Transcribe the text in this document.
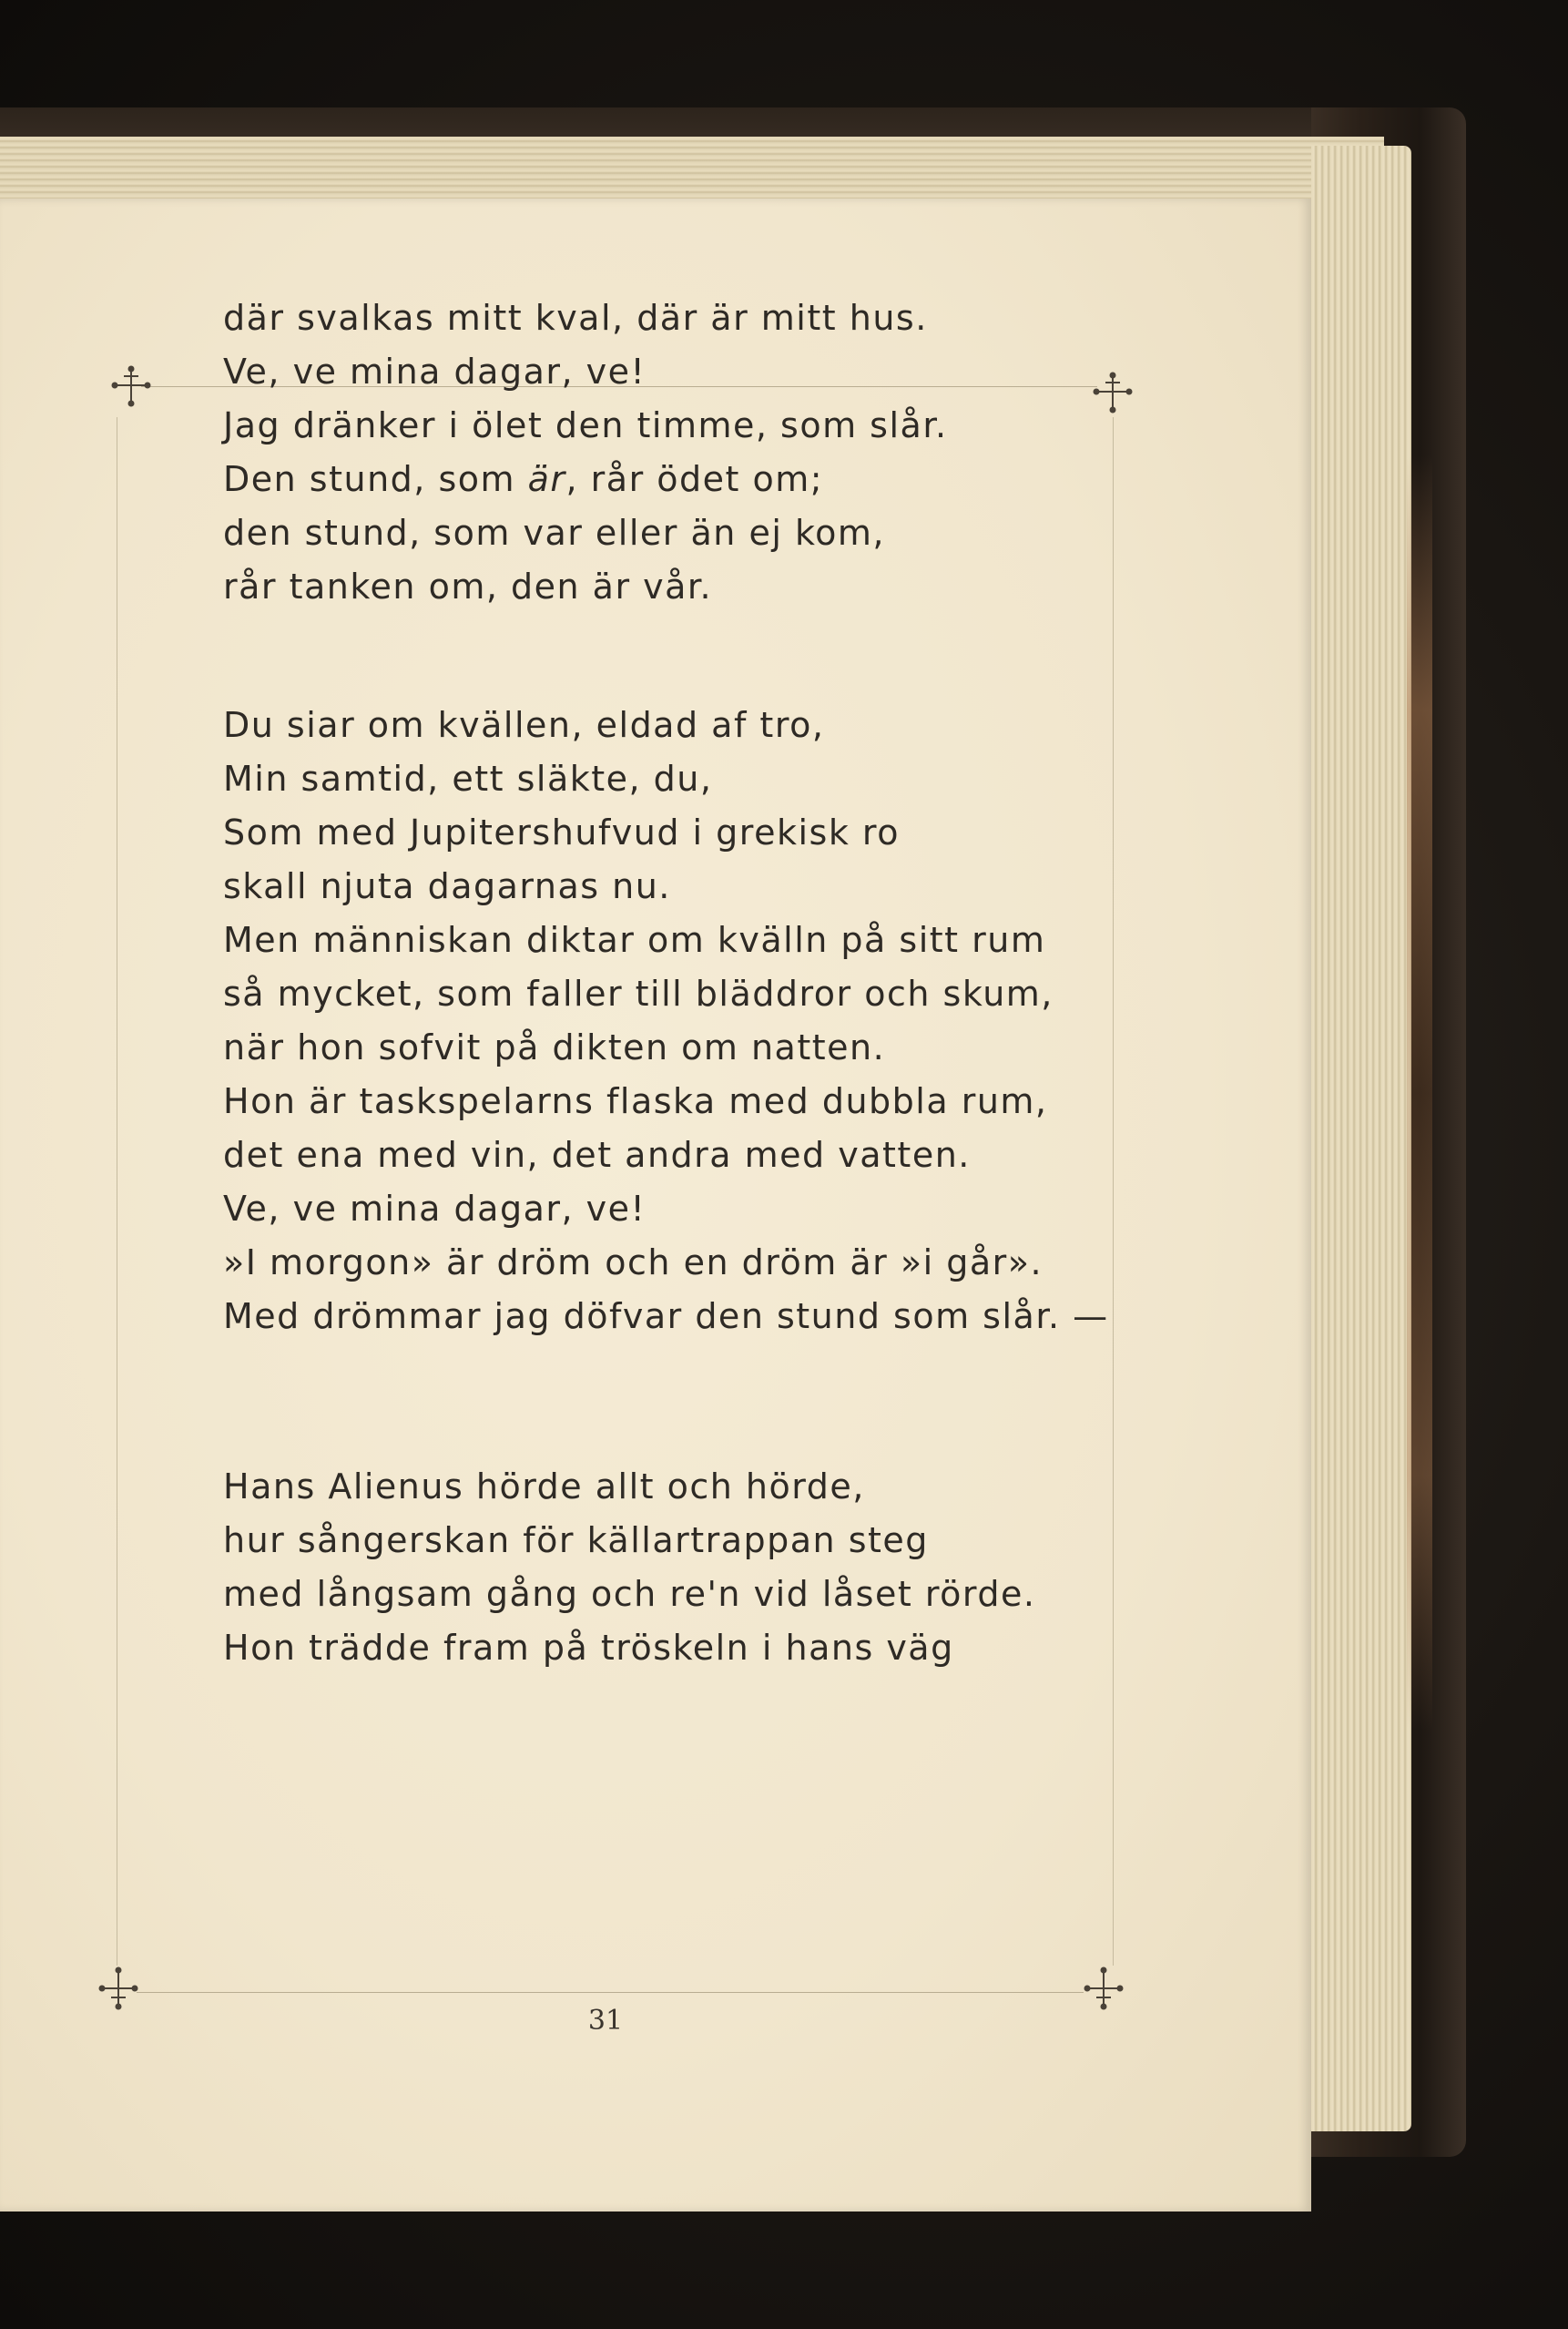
där svalkas mitt kval, där är mitt hus.
Ve, ve mina dagar, ve!
Jag dränker i ölet den timme, som slår.
Den stund, som är, rår ödet om;
den stund, som var eller än ej kom,
rår tanken om, den är vår.
Du siar om kvällen, eldad af tro,
Min samtid, ett släkte, du,
Som med Jupitershufvud i grekisk ro
skall njuta dagarnas nu.
Men människan diktar om kvälln på sitt rum
så mycket, som faller till bläddror och skum,
när hon sofvit på dikten om natten.
Hon är taskspelarns flaska med dubbla rum,
det ena med vin, det andra med vatten.
Ve, ve mina dagar, ve!
»I morgon» är dröm och en dröm är »i går».
Med drömmar jag döfvar den stund som slår. —
Hans Alienus hörde allt och hörde,
hur sångerskan för källartrappan steg
med långsam gång och re'n vid låset rörde.
Hon trädde fram på tröskeln i hans väg
31
